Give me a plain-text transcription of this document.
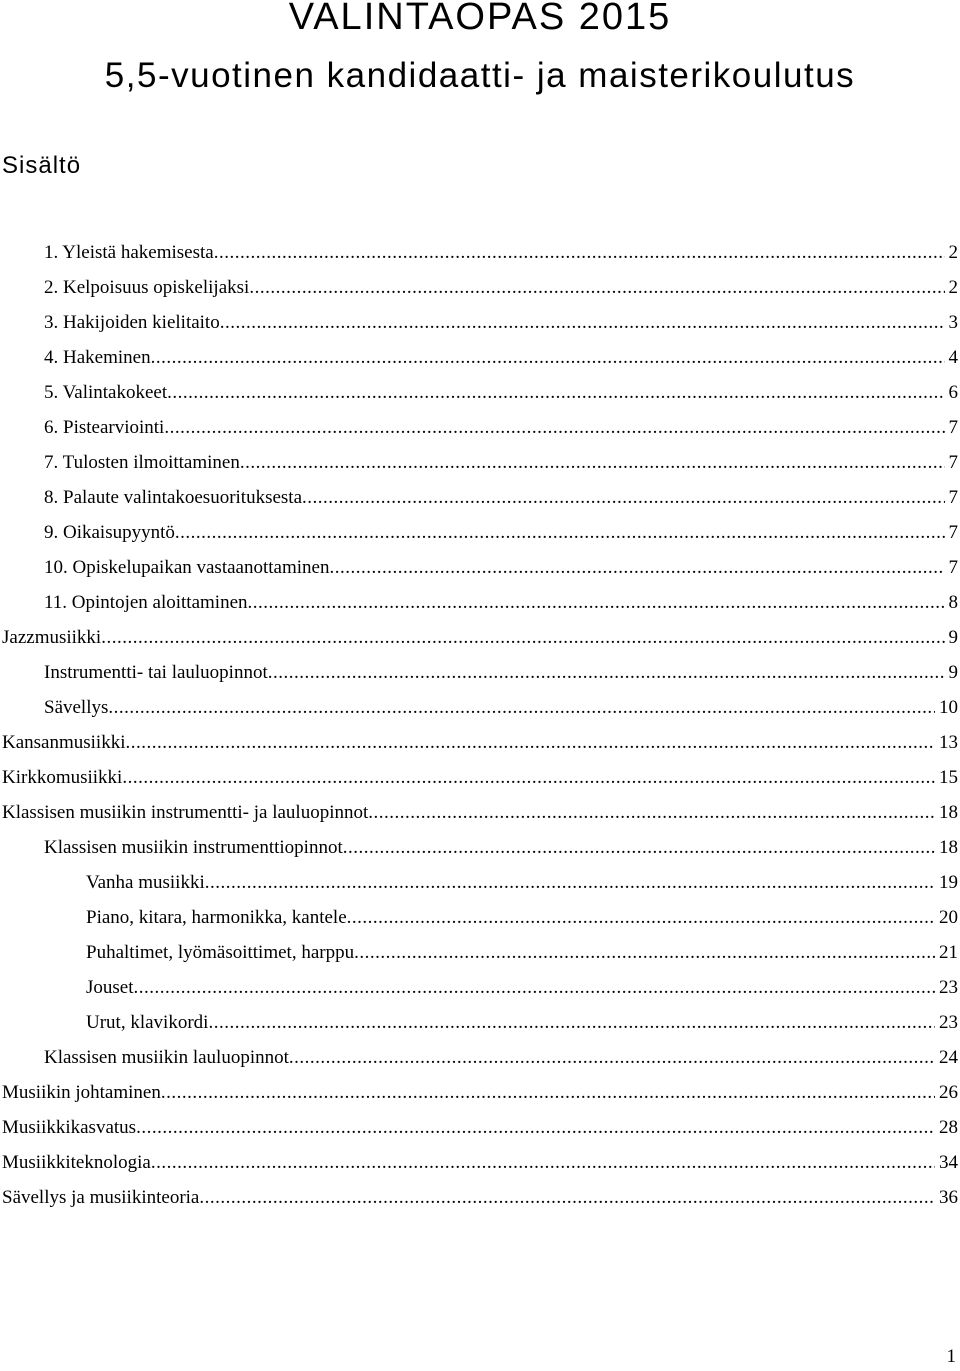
VALINTAOPAS 2015
5,5-vuotinen kandidaatti- ja maisterikoulutus
Sisältö
1. Yleistä hakemisesta .....	2
2. Kelpoisuus opiskelijaksi .....	2
3. Hakijoiden kielitaito .....	3
4. Hakeminen .....	4
5. Valintakokeet .....	6
6. Pistearviointi .....	7
7. Tulosten ilmoittaminen .....	7
8. Palaute valintakoesuorituksesta .....	7
9. Oikaisupyyntö .....	7
10. Opiskelupaikan vastaanottaminen .....	7
11. Opintojen aloittaminen .....	8
Jazzmusiikki .....	9
Instrumentti- tai lauluopinnot .....	9
Sävellys .....	10
Kansanmusiikki .....	13
Kirkkomusiikki .....	15
Klassisen musiikin instrumentti- ja lauluopinnot .....	18
Klassisen musiikin instrumenttiopinnot .....	18
Vanha musiikki .....	19
Piano, kitara, harmonikka, kantele .....	20
Puhaltimet, lyömäsoittimet, harppu .....	21
Jouset .....	23
Urut, klavikordi .....	23
Klassisen musiikin lauluopinnot .....	24
Musiikin johtaminen .....	26
Musiikkikasvatus .....	28
Musiikkiteknologia .....	34
Sävellys ja musiikinteoria .....	36
1
